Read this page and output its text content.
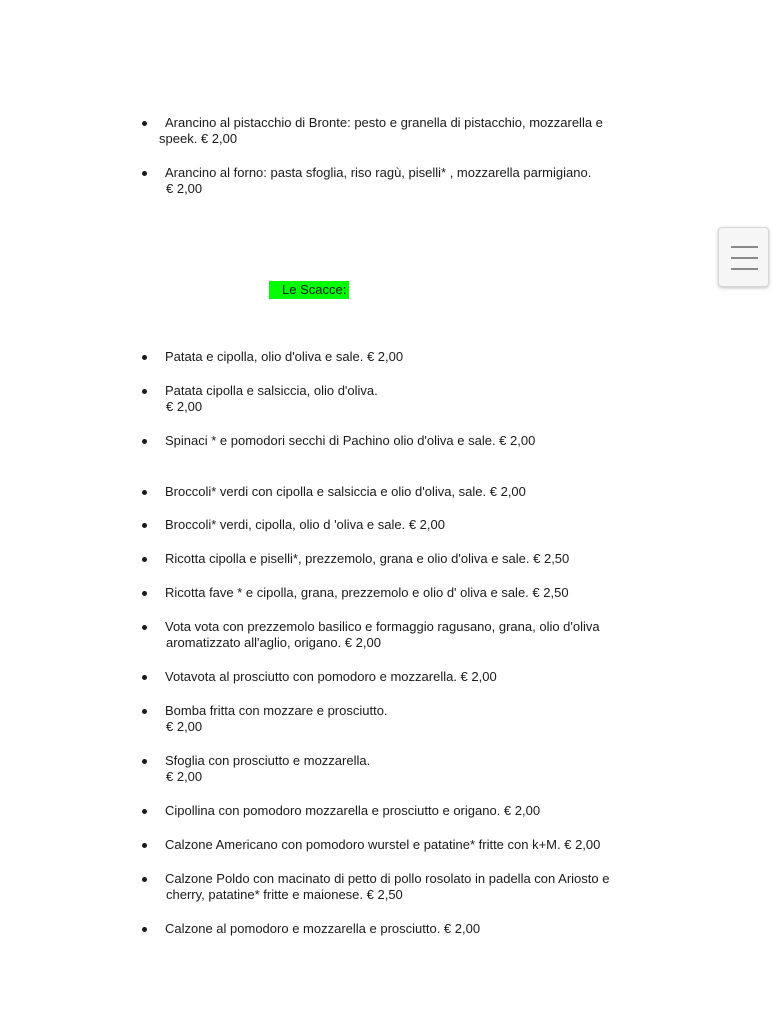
Arancino al pistacchio di Bronte: pesto e granella di pistacchio, mozzarella e
speek. € 2,00
Arancino al forno: pasta sfoglia, riso ragù, piselli* , mozzarella parmigiano.
€ 2,00
Le Scacce:
Patata e cipolla, olio d'oliva e sale. € 2,00
Patata cipolla e salsiccia, olio d'oliva.
€ 2,00
Spinaci * e pomodori secchi di Pachino olio d'oliva e sale. € 2,00
Broccoli* verdi con cipolla e salsiccia e olio d'oliva, sale. € 2,00
Broccoli* verdi, cipolla, olio d 'oliva e sale. € 2,00
Ricotta cipolla e piselli*, prezzemolo, grana e olio d'oliva e sale. € 2,50
Ricotta fave * e cipolla, grana, prezzemolo e olio d' oliva e sale. € 2,50
Vota vota con prezzemolo basilico e formaggio ragusano, grana, olio d'oliva
aromatizzato all'aglio, origano. € 2,00
Votavota al prosciutto con pomodoro e mozzarella. € 2,00
Bomba fritta con mozzare e prosciutto.
€ 2,00
Sfoglia con prosciutto e mozzarella.
€ 2,00
Cipollina con pomodoro mozzarella e prosciutto e origano. € 2,00
Calzone Americano con pomodoro wurstel e patatine* fritte con k+M. € 2,00
Calzone Poldo con macinato di petto di pollo rosolato in padella con Ariosto e
cherry, patatine* fritte e maionese. € 2,50
Calzone al pomodoro e mozzarella e prosciutto. € 2,00
